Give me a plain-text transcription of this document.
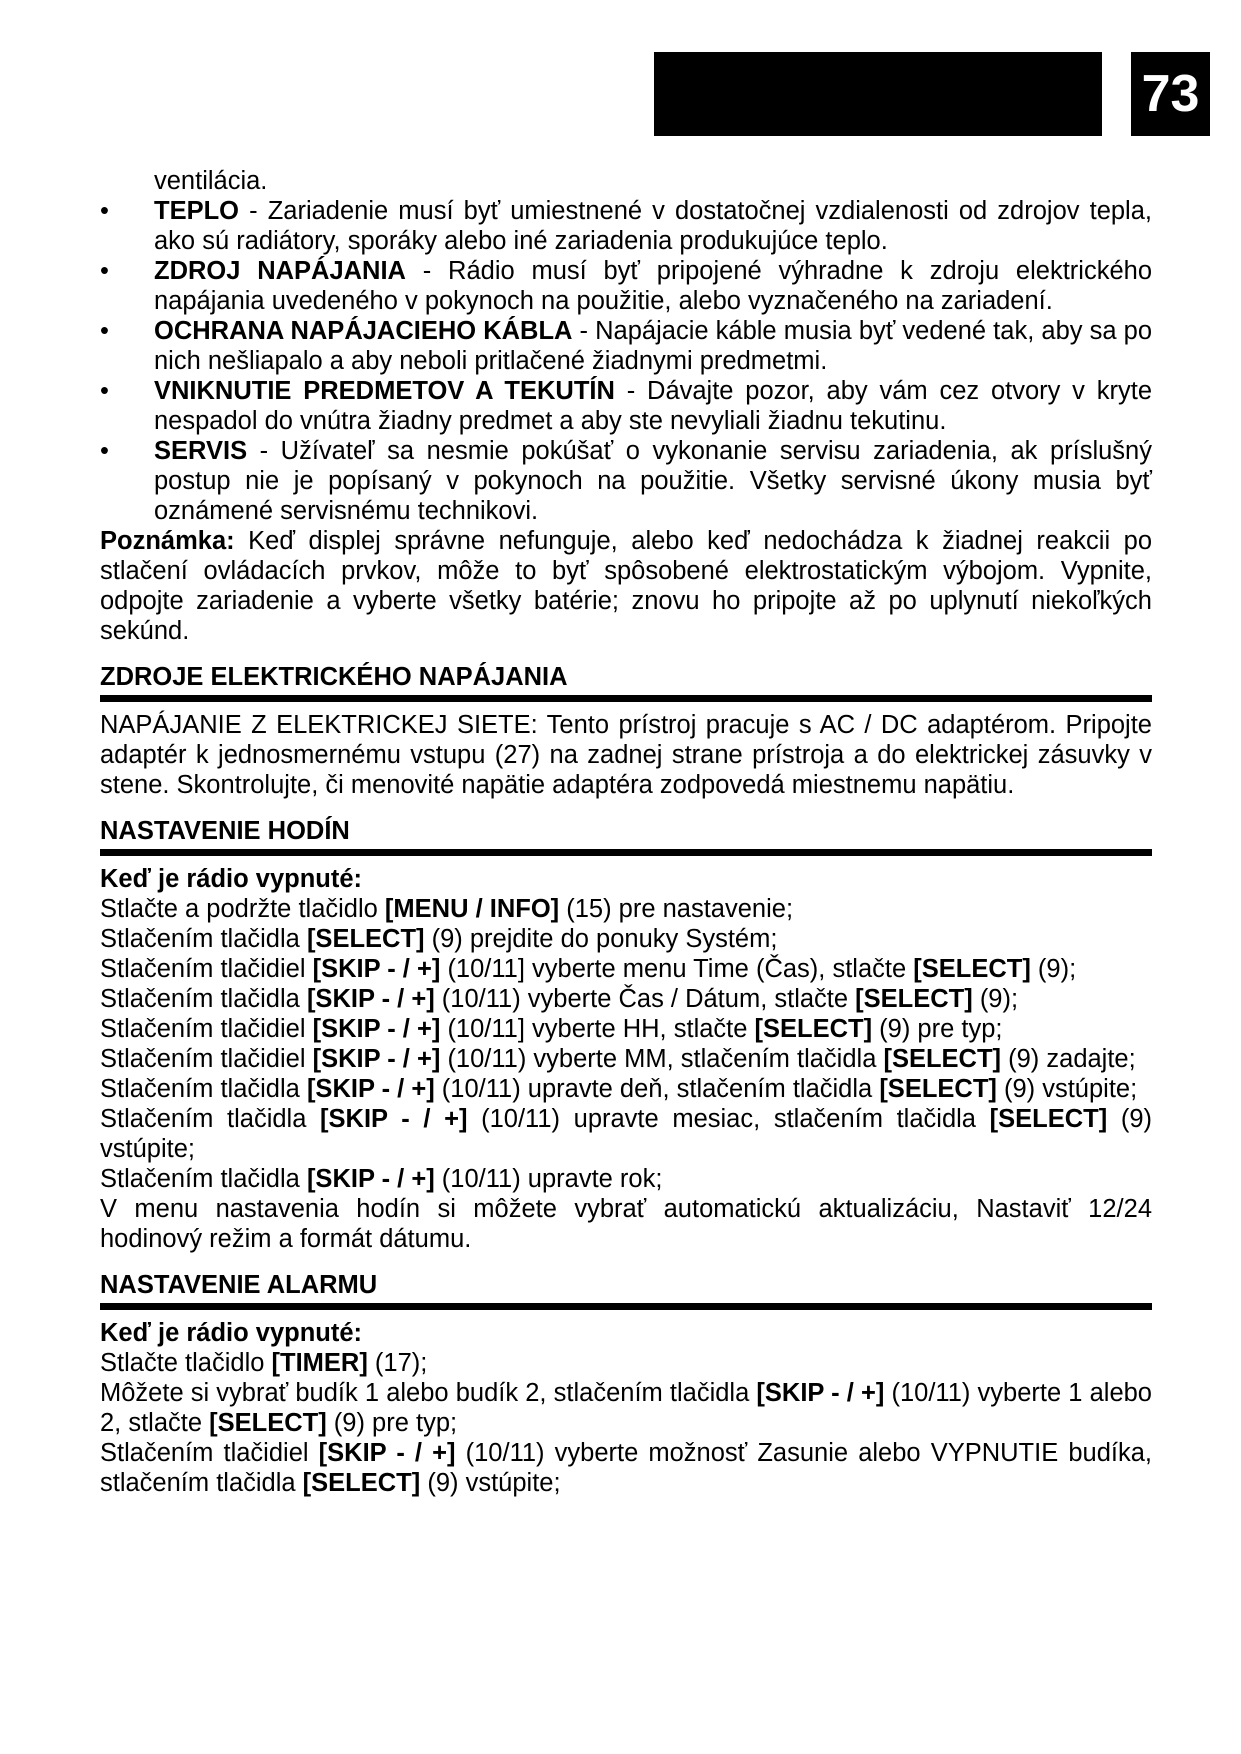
73
ventilácia.
• TEPLO - Zariadenie musí byť umiestnené v dostatočnej vzdialenosti od zdrojov tepla, ako sú radiátory, sporáky alebo iné zariadenia produkujúce teplo.
• ZDROJ NAPÁJANIA - Rádio musí byť pripojené výhradne k zdroju elektrického napájania uvedeného v pokynoch na použitie, alebo vyznačeného na zariadení.
• OCHRANA NAPÁJACIEHO KÁBLA - Napájacie káble musia byť vedené tak, aby sa po nich nešliapalo a aby neboli pritlačené žiadnymi predmetmi.
• VNIKNUTIE PREDMETOV A TEKUTÍN - Dávajte pozor, aby vám cez otvory v kryte nespadol do vnútra žiadny predmet a aby ste nevyliali žiadnu tekutinu.
• SERVIS - Užívateľ sa nesmie pokúšať o vykonanie servisu zariadenia, ak príslušný postup nie je popísaný v pokynoch na použitie. Všetky servisné úkony musia byť oznámené servisnému technikovi.

Poznámka: Keď displej správne nefunguje, alebo keď nedochádza k žiadnej reakcii po stlačení ovládacích prvkov, môže to byť spôsobené elektrostatickým výbojom. Vypnite, odpojte zariadenie a vyberte všetky batérie; znovu ho pripojte až po uplynutí niekoľkých sekúnd.

ZDROJE ELEKTRICKÉHO NAPÁJANIA

NAPÁJANIE Z ELEKTRICKEJ SIETE: Tento prístroj pracuje s AC / DC adaptérom. Pripojte adaptér k jednosmernému vstupu (27) na zadnej strane prístroja a do elektrickej zásuvky v stene. Skontrolujte, či menovité napätie adaptéra zodpovedá miestnemu napätiu.

NASTAVENIE HODÍN

Keď je rádio vypnuté:

Stlačte a podržte tlačidlo [MENU / INFO] (15) pre nastavenie;

Stlačením tlačidla [SELECT] (9) prejdite do ponuky Systém;

Stlačením tlačidiel [SKIP - / +] (10/11] vyberte menu Time (Čas), stlačte [SELECT] (9);

Stlačením tlačidla [SKIP - / +] (10/11) vyberte Čas / Dátum, stlačte [SELECT] (9);

Stlačením tlačidiel [SKIP - / +] (10/11] vyberte HH, stlačte [SELECT] (9) pre typ;

Stlačením tlačidiel [SKIP - / +] (10/11) vyberte MM, stlačením tlačidla [SELECT] (9) zadajte;

Stlačením tlačidla [SKIP - / +] (10/11) upravte deň, stlačením tlačidla [SELECT] (9) vstúpite;

Stlačením tlačidla [SKIP - / +] (10/11) upravte mesiac, stlačením tlačidla [SELECT] (9) vstúpite;

Stlačením tlačidla [SKIP - / +] (10/11) upravte rok;

V menu nastavenia hodín si môžete vybrať automatickú aktualizáciu, Nastaviť 12/24 hodinový režim a formát dátumu.

NASTAVENIE ALARMU

Keď je rádio vypnuté:

Stlačte tlačidlo [TIMER] (17);

Môžete si vybrať budík 1 alebo budík 2, stlačením tlačidla [SKIP - / +] (10/11) vyberte 1 alebo 2, stlačte [SELECT] (9) pre typ;

Stlačením tlačidiel [SKIP - / +] (10/11) vyberte možnosť Zasunie alebo VYPNUTIE budíka, stlačením tlačidla [SELECT] (9) vstúpite;
